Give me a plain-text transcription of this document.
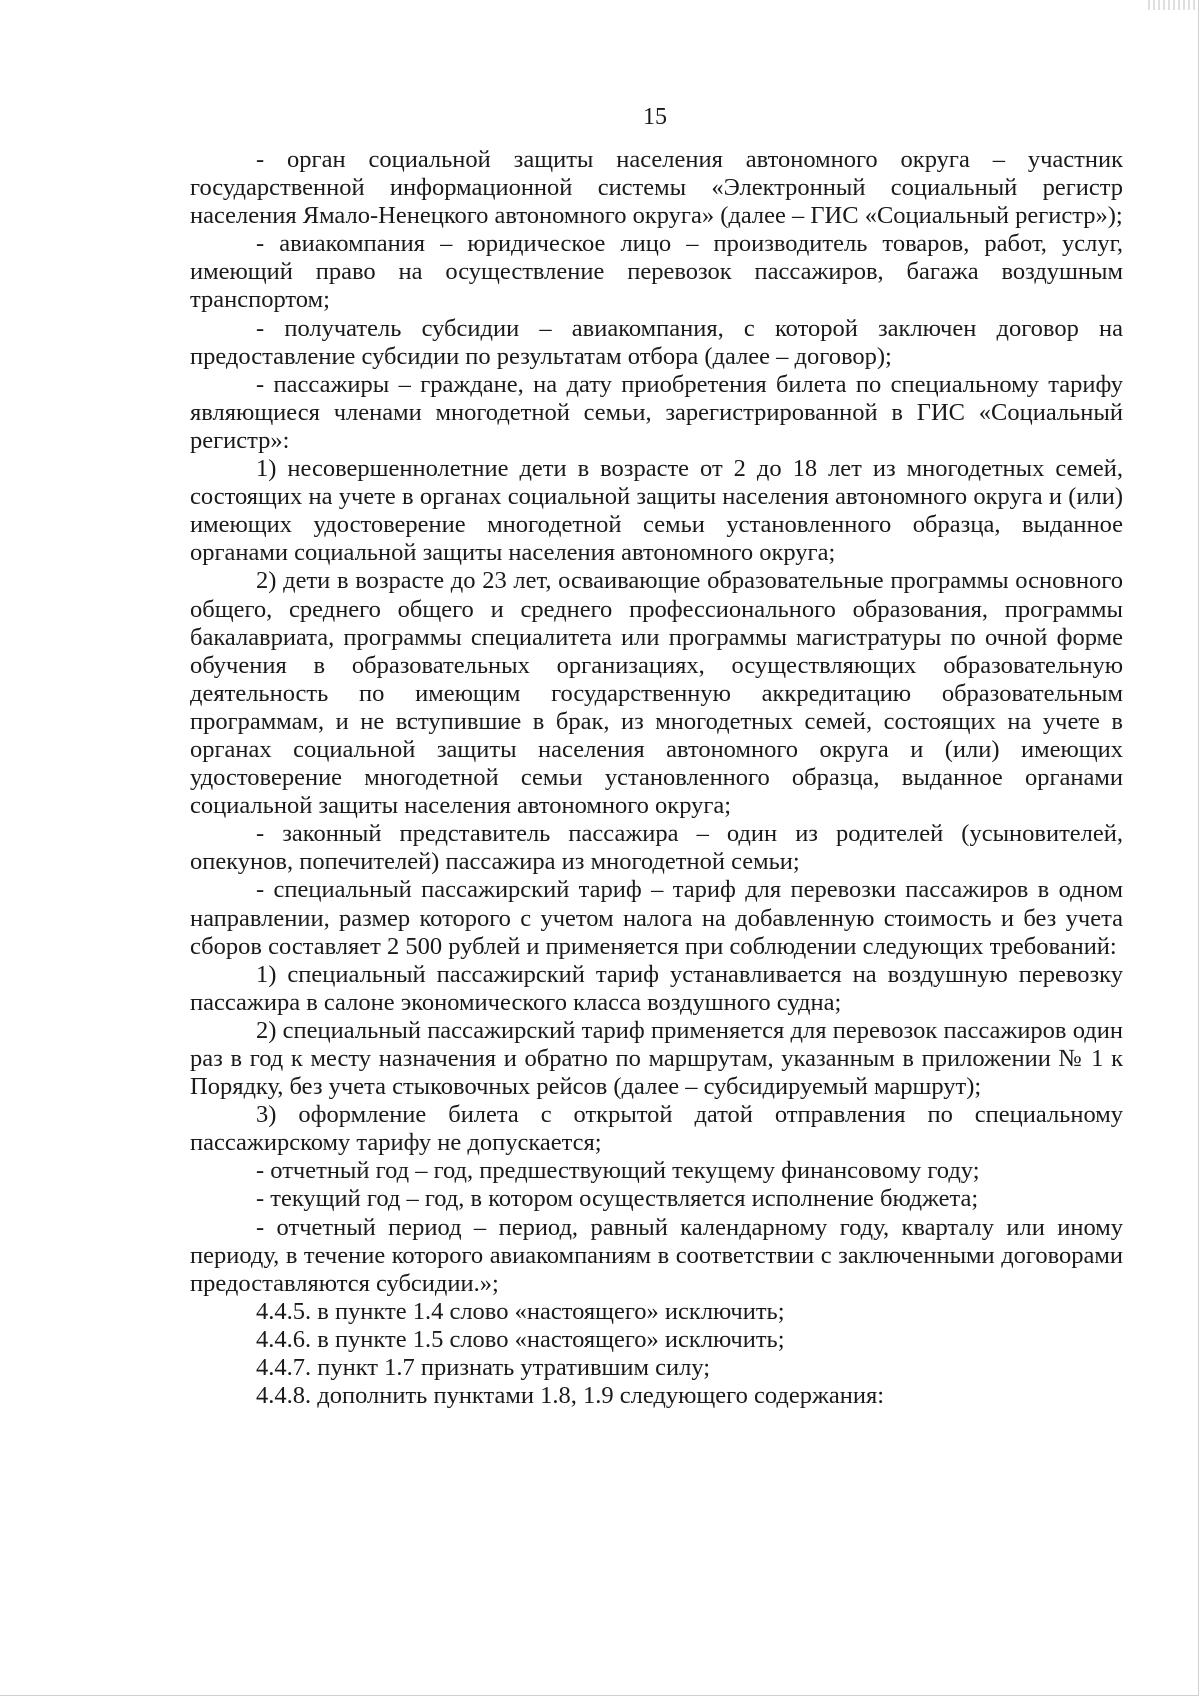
15

- орган социальной защиты населения автономного округа – участник государственной информационной системы «Электронный социальный регистр населения Ямало-Ненецкого автономного округа» (далее – ГИС «Социальный регистр»);

- авиакомпания – юридическое лицо – производитель товаров, работ, услуг, имеющий право на осуществление перевозок пассажиров, багажа воздушным транспортом;

- получатель субсидии – авиакомпания, с которой заключен договор на предоставление субсидии по результатам отбора (далее – договор);

- пассажиры – граждане, на дату приобретения билета по специальному тарифу являющиеся членами многодетной семьи, зарегистрированной в ГИС «Социальный регистр»:

1) несовершеннолетние дети в возрасте от 2 до 18 лет из многодетных семей, состоящих на учете в органах социальной защиты населения автономного округа и (или) имеющих удостоверение многодетной семьи установленного образца, выданное органами социальной защиты населения автономного округа;

2) дети в возрасте до 23 лет, осваивающие образовательные программы основного общего, среднего общего и среднего профессионального образования, программы бакалавриата, программы специалитета или программы магистратуры по очной форме обучения в образовательных организациях, осуществляющих образовательную деятельность по имеющим государственную аккредитацию образовательным программам, и не вступившие в брак, из многодетных семей, состоящих на учете в органах социальной защиты населения автономного округа и (или) имеющих удостоверение многодетной семьи установленного образца, выданное органами социальной защиты населения автономного округа;

- законный представитель пассажира – один из родителей (усыновителей, опекунов, попечителей) пассажира из многодетной семьи;

- специальный пассажирский тариф – тариф для перевозки пассажиров в одном направлении, размер которого с учетом налога на добавленную стоимость и без учета сборов составляет 2 500 рублей и применяется при соблюдении следующих требований:

1) специальный пассажирский тариф устанавливается на воздушную перевозку пассажира в салоне экономического класса воздушного судна;

2) специальный пассажирский тариф применяется для перевозок пассажиров один раз в год к месту назначения и обратно по маршрутам, указанным в приложении № 1 к Порядку, без учета стыковочных рейсов (далее – субсидируемый маршрут);

3) оформление билета с открытой датой отправления по специальному пассажирскому тарифу не допускается;

- отчетный год – год, предшествующий текущему финансовому году;

- текущий год – год, в котором осуществляется исполнение бюджета;

- отчетный период – период, равный календарному году, кварталу или иному периоду, в течение которого авиакомпаниям в соответствии с заключенными договорами предоставляются субсидии.»;

4.4.5. в пункте 1.4 слово «настоящего» исключить;

4.4.6. в пункте 1.5 слово «настоящего» исключить;

4.4.7. пункт 1.7 признать утратившим силу;

4.4.8. дополнить пунктами 1.8, 1.9 следующего содержания:
